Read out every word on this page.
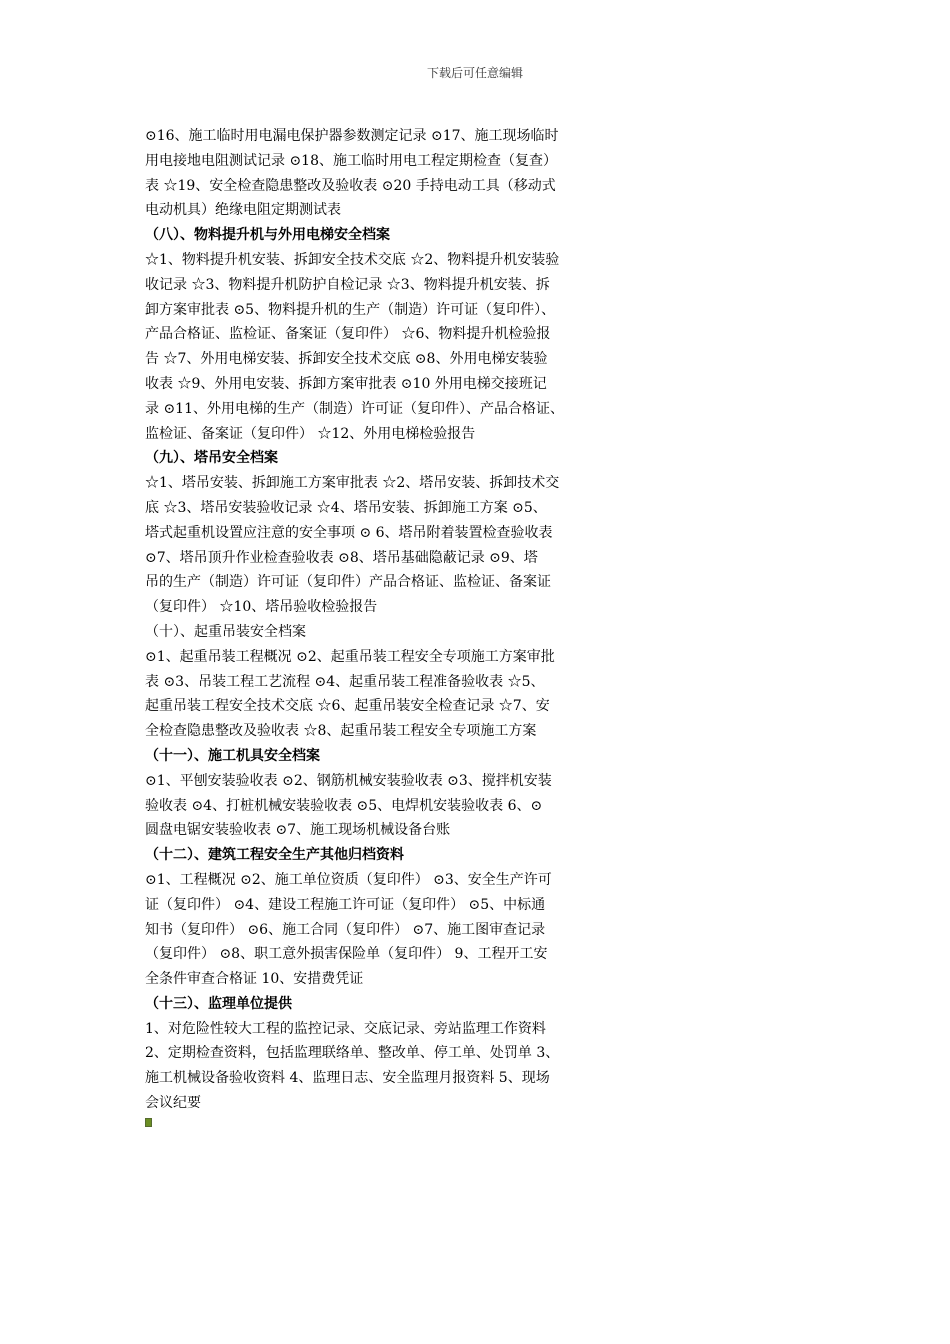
下载后可任意编辑
⊙16、施工临时用电漏电保护器参数测定记录 ⊙17、施工现场临时
用电接地电阻测试记录 ⊙18、施工临时用电工程定期检查（复查）
表 ☆19、安全检查隐患整改及验收表 ⊙20 手持电动工具（移动式
电动机具）绝缘电阻定期测试表
（八）、物料提升机与外用电梯安全档案
☆1、物料提升机安装、拆卸安全技术交底 ☆2、物料提升机安装验
收记录 ☆3、物料提升机防护自检记录 ☆3、物料提升机安装、拆
卸方案审批表 ⊙5、物料提升机的生产（制造）许可证（复印件）、
产品合格证、监检证、备案证（复印件） ☆6、物料提升机检验报
告 ☆7、外用电梯安装、拆卸安全技术交底 ⊙8、外用电梯安装验
收表 ☆9、外用电安装、拆卸方案审批表 ⊙10 外用电梯交接班记
录 ⊙11、外用电梯的生产（制造）许可证（复印件）、产品合格证、
监检证、备案证（复印件） ☆12、外用电梯检验报告
（九）、塔吊安全档案
☆1、塔吊安装、拆卸施工方案审批表 ☆2、塔吊安装、拆卸技术交
底 ☆3、塔吊安装验收记录 ☆4、塔吊安装、拆卸施工方案 ⊙5、
塔式起重机设置应注意的安全事项 ⊙ 6、塔吊附着装置检查验收表
⊙7、塔吊顶升作业检查验收表 ⊙8、塔吊基础隐蔽记录 ⊙9、塔
吊的生产（制造）许可证（复印件）产品合格证、监检证、备案证
（复印件） ☆10、塔吊验收检验报告
（十）、起重吊装安全档案
⊙1、起重吊装工程概况 ⊙2、起重吊装工程安全专项施工方案审批
表 ⊙3、吊装工程工艺流程 ⊙4、起重吊装工程准备验收表 ☆5、
起重吊装工程安全技术交底 ☆6、起重吊装安全检查记录 ☆7、安
全检查隐患整改及验收表 ☆8、起重吊装工程安全专项施工方案
（十一）、施工机具安全档案
⊙1、平刨安装验收表 ⊙2、钢筋机械安装验收表 ⊙3、搅拌机安装
验收表 ⊙4、打桩机械安装验收表 ⊙5、电焊机安装验收表 6、⊙
圆盘电锯安装验收表 ⊙7、施工现场机械设备台账
（十二）、建筑工程安全生产其他归档资料
⊙1、工程概况 ⊙2、施工单位资质（复印件） ⊙3、安全生产许可
证（复印件） ⊙4、建设工程施工许可证（复印件） ⊙5、中标通
知书（复印件） ⊙6、施工合同（复印件） ⊙7、施工图审查记录
（复印件） ⊙8、职工意外损害保险单（复印件） 9、工程开工安
全条件审查合格证 10、安措费凭证
（十三）、监理单位提供
1、对危险性较大工程的监控记录、交底记录、旁站监理工作资料
2、定期检查资料，包括监理联络单、整改单、停工单、处罚单 3、
施工机械设备验收资料 4、监理日志、安全监理月报资料 5、现场
会议纪要
